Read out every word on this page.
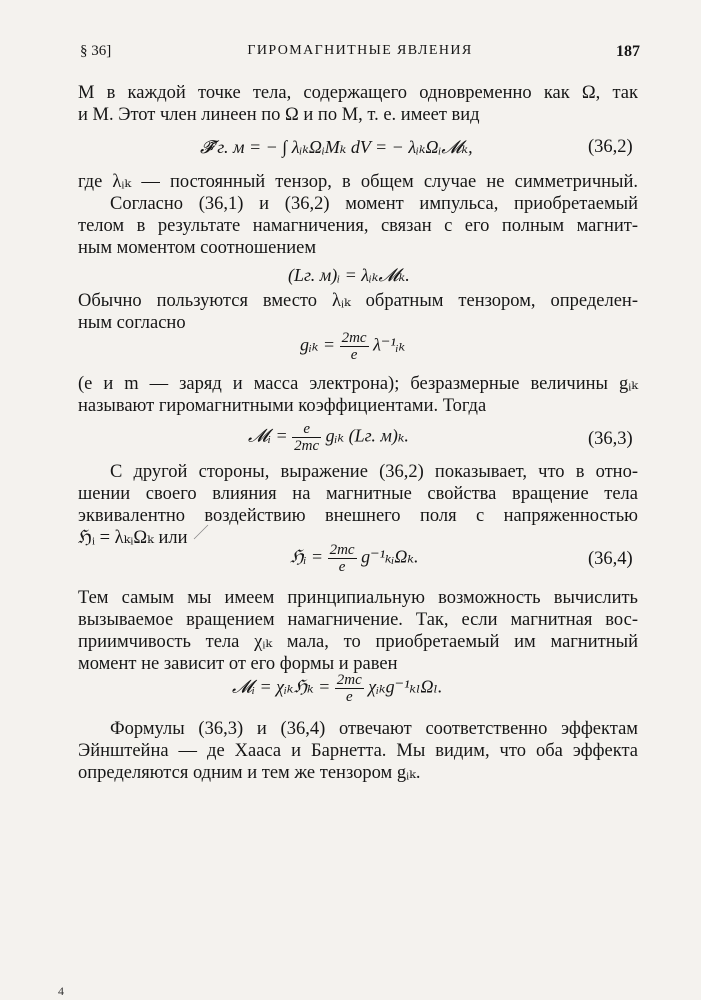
§ 36]	ГИРОМАГНИТНЫЕ ЯВЛЕНИЯ	187
М в каждой точке тела, содержащего одновременно как Ω, так
и М. Этот член линеен по Ω и по М, т. е. имеет вид
𝓕̃′г. м = − ∫ λᵢₖΩᵢMₖ dV = − λᵢₖΩᵢ𝓜ₖ,	(36,2)
где λᵢₖ — постоянный тензор, в общем случае не симметричный.
Согласно (36,1) и (36,2) момент импульса, приобретаемый
телом в результате намагничения, связан с его полным магнит-
ным моментом соотношением
(Lг. м)ᵢ = λᵢₖ𝓜ₖ.
Обычно пользуются вместо λᵢₖ обратным тензором, определен-
ным согласно
gᵢₖ = $\frac{2mc}{e}$ λ⁻¹ᵢₖ
(e и m — заряд и масса электрона); безразмерные величины gᵢₖ
называют гиромагнитными коэффициентами. Тогда
𝓜ᵢ = $\frac{e}{2mc}$ gᵢₖ (Lг. м)ₖ.	(36,3)
С другой стороны, выражение (36,2) показывает, что в отно-
шении своего влияния на магнитные свойства вращение тела
эквивалентно воздействию внешнего поля с напряженностью
ℌᵢ = λₖᵢΩₖ или
ℌᵢ = $\frac{2mc}{e}$ g⁻¹ₖᵢΩₖ.	(36,4)
Тем самым мы имеем принципиальную возможность вычислить
вызываемое вращением намагничение. Так, если магнитная вос-
приимчивость тела χᵢₖ мала, то приобретаемый им магнитный
момент не зависит от его формы и равен
𝓜ᵢ = χᵢₖℌₖ = $\frac{2mc}{e}$ χᵢₖg⁻¹ₖₗΩₗ.
Формулы (36,3) и (36,4) отвечают соответственно эффектам
Эйнштейна — де Хааса и Барнетта. Мы видим, что оба эффекта
определяются одним и тем же тензором gᵢₖ.
4
